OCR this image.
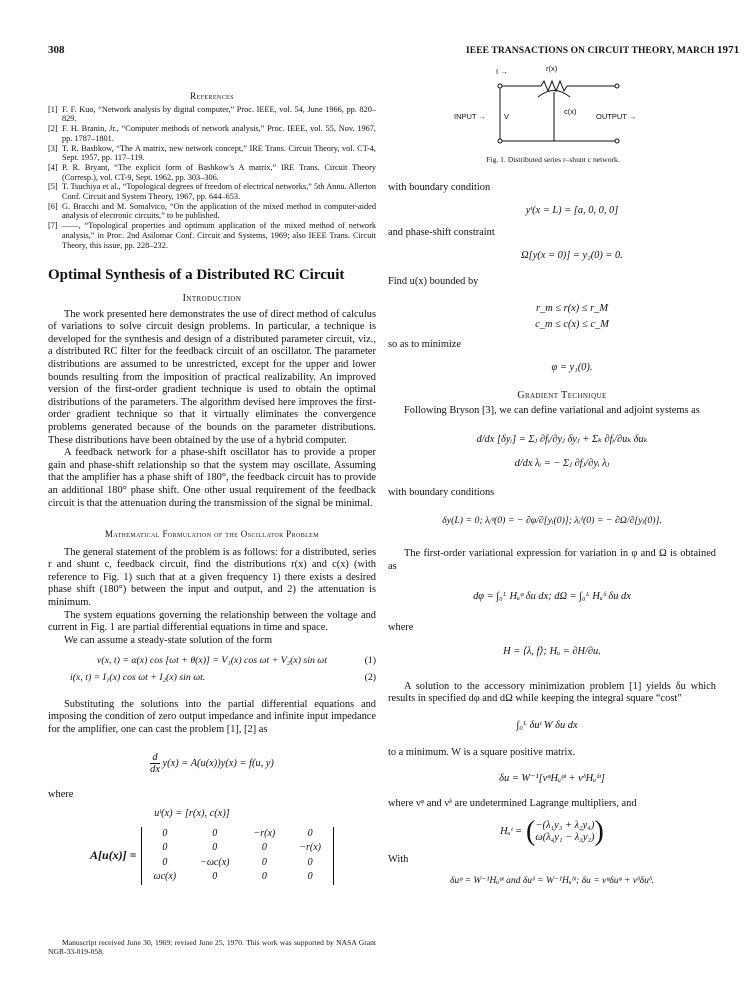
308	IEEE TRANSACTIONS ON CIRCUIT THEORY, MARCH 1971
References
[1] F. F. Kuo, “Network analysis by digital computer,” Proc. IEEE, vol. 54, June 1966, pp. 820–829.
[2] F. H. Branin, Jr., “Computer methods of network analysis,” Proc. IEEE, vol. 55, Nov. 1967, pp. 1787–1801.
[3] T. R. Bashkow, “The A matrix, new network concept,” IRE Trans. Circuit Theory, vol. CT-4, Sept. 1957, pp. 117–119.
[4] P. R. Bryant, “The explicit form of Bashkow’s A matrix,” IRE Trans. Circuit Theory (Corresp.), vol. CT-9, Sept. 1962, pp. 303–306.
[5] T. Tsuchiya et al., “Topological degrees of freedom of electrical networks,” 5th Annu. Allerton Conf. Circuit and System Theory, 1967, pp. 644–653.
[6] G. Bracchi and M. Somalvico, “On the application of the mixed method in computer-aided analysis of electronic circuits,” to be published.
[7] ——, “Topological properties and optimum application of the mixed method of network analysis,” in Proc. 2nd Asilomar Conf. Circuit and Systems, 1969; also IEEE Trans. Circuit Theory, this issue, pp. 228–232.
Optimal Synthesis of a Distributed RC Circuit
Introduction

The work presented here demonstrates the use of direct method of calculus of variations to solve circuit design problems. In particular, a technique is developed for the synthesis and design of a distributed parameter circuit, viz., a distributed RC filter for the feedback circuit of an oscillator. The parameter distributions are assumed to be unrestricted, except for the upper and lower bounds resulting from the imposition of practical realizability. An improved version of the first-order gradient technique is used to obtain the optimal distributions of the parameters. The algorithm devised here improves the first-order gradient technique so that it virtually eliminates the convergence problems generated because of the bounds on the parameter distributions. These distributions have been obtained by the use of a hybrid computer.

A feedback network for a phase-shift oscillator has to provide a proper gain and phase-shift relationship so that the system may oscillate. Assuming that the amplifier has a phase shift of 180°, the feedback circuit has to provide an additional 180° phase shift. One other usual requirement of the feedback circuit is that the attenuation during the transmission of the signal be minimal.

Mathematical Formulation of the Oscillator Problem

The general statement of the problem is as follows: for a distributed, series r and shunt c, feedback circuit, find the distributions r(x) and c(x) (with reference to Fig. 1) such that at a given frequency 1) there exists a desired phase shift (180°) between the input and output, and 2) the attenuation is minimum.

The system equations governing the relationship between the voltage and current in Fig. 1 are partial differential equations in time and space.

We can assume a steady-state solution of the form

v(x, t) = α(x) cos [ωt + θ(x)] = V₁(x) cos ωt + V₂(x) sin ωt	(1)
i(x, t) = I₁(x) cos ωt + I₂(x) sin ωt.	(2)

Substituting the solutions into the partial differential equations and imposing the condition of zero output impedance and infinite input impedance for the amplifier, one can cast the problem [1], [2] as

$\frac{d}{dx} y(x) = A(u(x))y(x) = f(u$, y)

where

uᵗ(x) = [r(x), c(x)]
A[u(x)] =
0	0	−r(x)	0
0	0	0	−r(x)
0	−ωc(x)	0	0
ωc(x)	0	0	0
Manuscript received June 30, 1969; revised June 25, 1970. This work was supported by NASA Grant NGR-33-019-058.
I →	r(x)
c(x)
INPUT → V	OUTPUT →
Fig. 1. Distributed series r–shunt c network.

with boundary condition

yᵗ(x = L) = [a, 0, 0, 0]

and phase-shift constraint

Ω[y(x = 0)] = y₂(0) = 0.

Find u(x) bounded by

r_m ≤ r(x) ≤ r_M
c_m ≤ c(x) ≤ c_M

so as to minimize

φ = y₁(0).
Gradient Technique

Following Bryson [3], we can define variational and adjoint systems as

d/dx [δyᵢ] = Σⱼ ∂fᵢ/∂yⱼ δyⱼ + Σₖ ∂fᵢ/∂uₖ δuₖ
d/dx λᵢ = − Σⱼ ∂fⱼ/∂yᵢ λⱼ

with boundary conditions

δy(L) = 0; λᵢᵠ(0) = − ∂φ/∂[yᵢ(0)]; λᵢᵟ(0) = − ∂Ω/∂[yᵢ(0)].

The first-order variational expression for variation in φ and Ω is obtained as

dφ = ∫₀ᴸ Hᵤᵠ δu dx; dΩ = ∫₀ᴸ Hᵤᵟ δu dx

where

H = ⟨λ, f⟩; Hᵤ = ∂H/∂u.

A solution to the accessory minimization problem [1] yields δu which results in specified dφ and dΩ while keeping the integral square “cost”

∫₀ᴸ δuᵗ W δu dx

to a minimum. W is a square positive matrix.

δu = W⁻¹[νᵠHᵤᵠᵗ + νᵟHᵤᵟᵗ]

where νᵠ and νᵟ are undetermined Lagrange multipliers, and

Hᵤᵗ = ( −(λ₁y₃ + λ₂y₄)
ω(λ₄y₁ − λ₃y₂) )

With

δuᵠ = W⁻¹Hᵤᵠᵗ and δuᵟ = W⁻¹Hᵤᵟᵗ; δu = νᵠδuᵠ + νᵟδuᵟ.
